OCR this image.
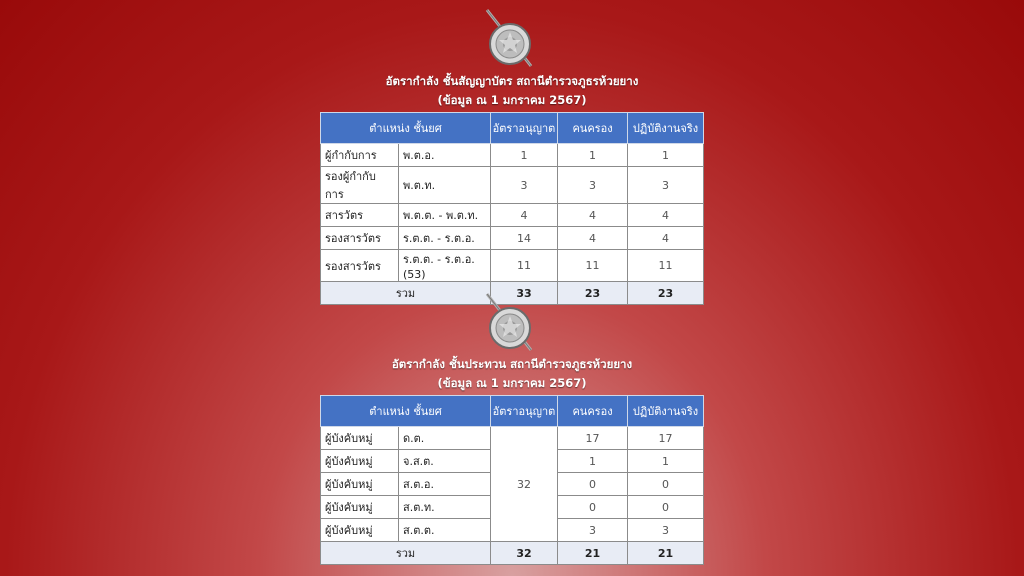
อัตรากำลัง ชั้นสัญญาบัตร สถานีตำรวจภูธรห้วยยาง
(ข้อมูล ณ 1 มกราคม 2567)
ตำแหน่ง ชั้นยศ		อัตราอนุญาต	คนครอง	ปฏิบัติงานจริง
ผู้กำกับการ	พ.ต.อ.	1	1	1
รองผู้กำกับการ	พ.ต.ท.	3	3	3
สารวัตร	พ.ต.ต. - พ.ต.ท.	4	4	4
รองสารวัตร	ร.ต.ต. - ร.ต.อ.	14	4	4
รองสารวัตร	ร.ต.ต. - ร.ต.อ. (53)	11	11	11
รวม		33	23	23
อัตรากำลัง ชั้นประทวน สถานีตำรวจภูธรห้วยยาง
(ข้อมูล ณ 1 มกราคม 2567)
ตำแหน่ง ชั้นยศ		อัตราอนุญาต	คนครอง	ปฏิบัติงานจริง
ผู้บังคับหมู่	ด.ต.	32	17	17
ผู้บังคับหมู่	จ.ส.ต.		1	1
ผู้บังคับหมู่	ส.ต.อ.		0	0
ผู้บังคับหมู่	ส.ต.ท.		0	0
ผู้บังคับหมู่	ส.ต.ต.		3	3
รวม		32	21	21
